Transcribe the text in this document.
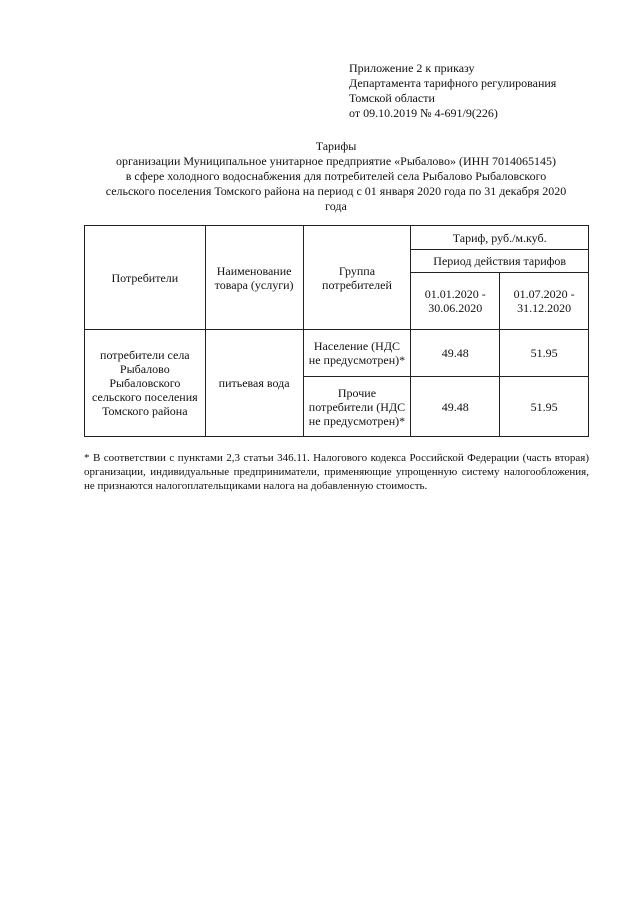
Приложение 2 к приказу
Департамента тарифного регулирования
Томской области
от 09.10.2019 № 4-691/9(226)
Тарифы
организации Муниципальное унитарное предприятие «Рыбалово» (ИНН 7014065145)
в сфере холодного водоснабжения для потребителей села Рыбалово Рыбаловского
сельского поселения Томского района на период с 01 января 2020 года по 31 декабря 2020
года
Потребители	Наименование товара (услуги)	Группа потребителей	Тариф, руб./м.куб.	
			Период действия тарифов	
			01.01.2020 - 30.06.2020	01.07.2020 - 31.12.2020
потребители села Рыбалово Рыбаловского сельского поселения Томского района	питьевая вода	Население (НДС не предусмотрен)*	49.48	51.95
		Прочие потребители (НДС не предусмотрен)*	49.48	51.95
* В соответствии с пунктами 2,3 статьи 346.11. Налогового кодекса Российской Федерации (часть вторая) организации, индивидуальные предприниматели, применяющие упрощенную систему налогообложения, не признаются налогоплательщиками налога на добавленную стоимость.
